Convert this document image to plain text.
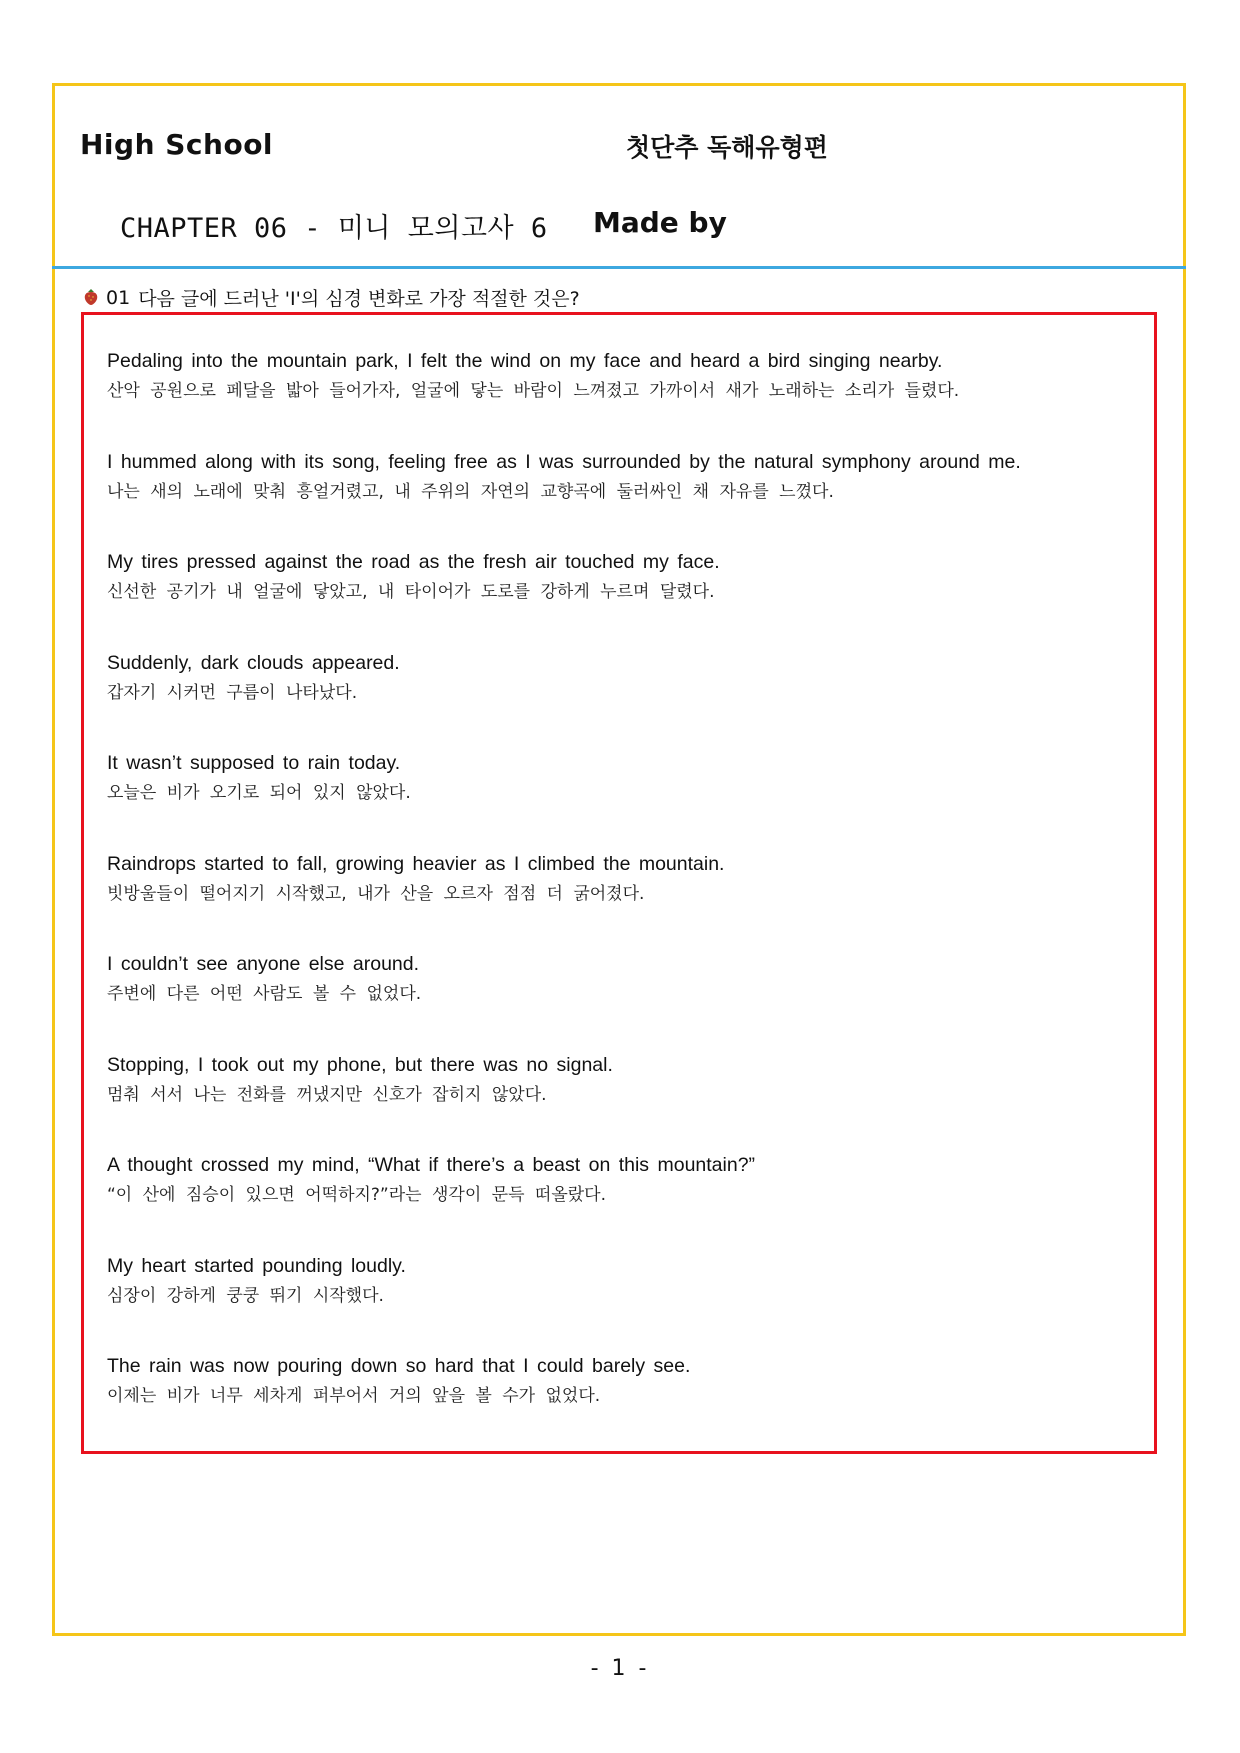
High School	첫단추 독해유형편
CHAPTER 06 - 미니 모의고사 6 Made by
01 다음 글에 드러난 'I'의 심경 변화로 가장 적절한 것은?
Pedaling into the mountain park, I felt the wind on my face and heard a bird singing nearby.
산악 공원으로 페달을 밟아 들어가자, 얼굴에 닿는 바람이 느껴졌고 가까이서 새가 노래하는 소리가 들렸다.
I hummed along with its song, feeling free as I was surrounded by the natural symphony around me.
나는 새의 노래에 맞춰 흥얼거렸고, 내 주위의 자연의 교향곡에 둘러싸인 채 자유를 느꼈다.
My tires pressed against the road as the fresh air touched my face.
신선한 공기가 내 얼굴에 닿았고, 내 타이어가 도로를 강하게 누르며 달렸다.
Suddenly, dark clouds appeared.
갑자기 시커먼 구름이 나타났다.
It wasn’t supposed to rain today.
오늘은 비가 오기로 되어 있지 않았다.
Raindrops started to fall, growing heavier as I climbed the mountain.
빗방울들이 떨어지기 시작했고, 내가 산을 오르자 점점 더 굵어졌다.
I couldn’t see anyone else around.
주변에 다른 어떤 사람도 볼 수 없었다.
Stopping, I took out my phone, but there was no signal.
멈춰 서서 나는 전화를 꺼냈지만 신호가 잡히지 않았다.
A thought crossed my mind, “What if there’s a beast on this mountain?”
“이 산에 짐승이 있으면 어떡하지?”라는 생각이 문득 떠올랐다.
My heart started pounding loudly.
심장이 강하게 쿵쿵 뛰기 시작했다.
The rain was now pouring down so hard that I could barely see.
이제는 비가 너무 세차게 퍼부어서 거의 앞을 볼 수가 없었다.
- 1 -
